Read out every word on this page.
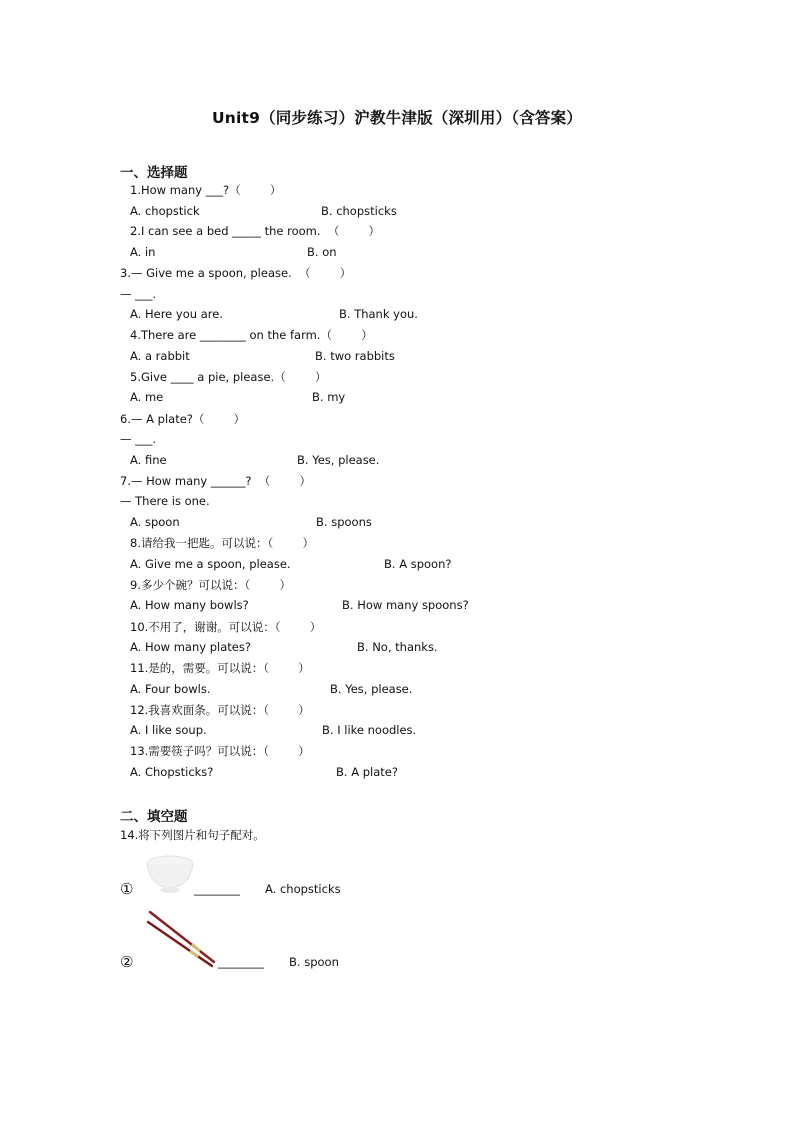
Unit9（同步练习）沪教牛津版（深圳用）（含答案）
一、选择题
1.How many ___?（        ）
A. chopstick	B. chopsticks
2.I can see a bed _____ the room.  （        ）
A. in	B. on
3.— Give me a spoon, please.  （        ）
— ___.
A. Here you are.	B. Thank you.
4.There are ________ on the farm.（        ）
A. a rabbit	B. two rabbits
5.Give ____ a pie, please.（        ）
A. me	B. my
6.— A plate?（        ）
— ___.
A. fine	B. Yes, please.
7.— How many ______?  （        ）
— There is one.
A. spoon	B. spoons
8.请给我一把匙。可以说：（        ）
A. Give me a spoon, please.	B. A spoon?
9.多少个碗？可以说：（        ）
A. How many bowls?	B. How many spoons?
10.不用了，谢谢。可以说：（        ）
A. How many plates?	B. No, thanks.
11.是的，需要。可以说：（        ）
A. Four bowls.	B. Yes, please.
12.我喜欢面条。可以说：（        ）
A. I like soup.	B. I like noodles.
13.需要筷子吗？可以说：（        ）
A. Chopsticks?	B. A plate?
二、填空题
14.将下列图片和句子配对。
①	________ A. chopsticks
②	________ B. spoon
